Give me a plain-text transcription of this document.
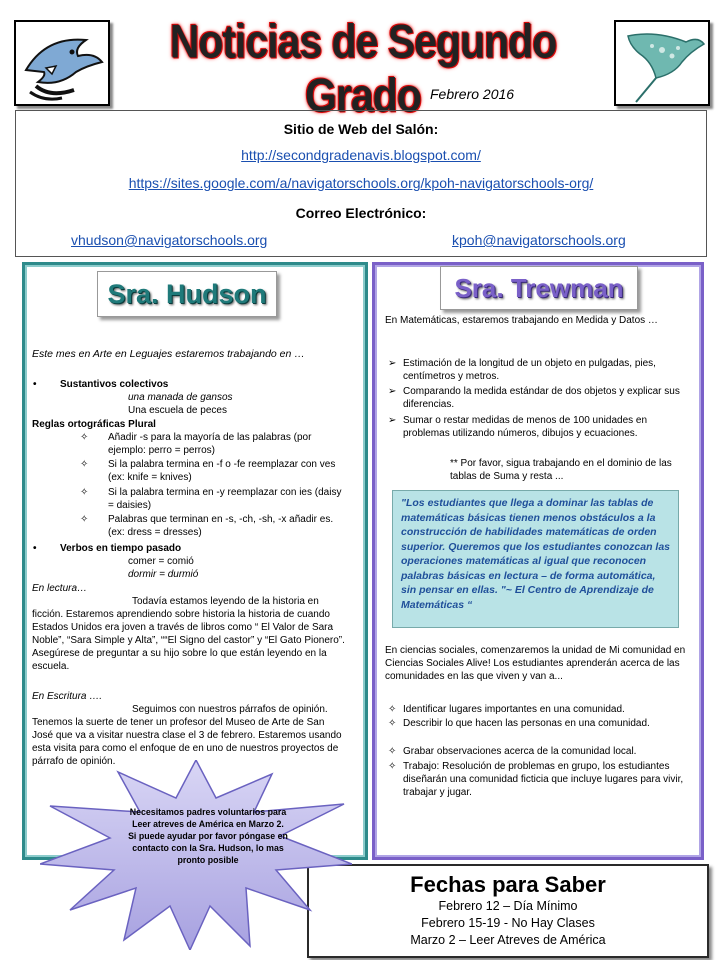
Noticias de Segundo Grado Febrero 2016
Sitio de Web del Salón:
http://secondgradenavis.blogspot.com/
https://sites.google.com/a/navigatorschools.org/kpoh-navigatorschools-org/
Correo Electrónico:
vhudson@navigatorschools.org	kpoh@navigatorschools.org
Sra. Hudson
Este mes en Arte en Leguajes estaremos trabajando en …
• Sustantivos colectivos
una manada de gansos
Una escuela de peces
Reglas ortográficas Plural
✧ Añadir -s para la mayoría de las palabras (por ejemplo: perro = perros)
✧ Si la palabra termina en -f o -fe reemplazar con ves (ex: knife = knives)
✧ Si la palabra termina en -y reemplazar con ies (daisy = daisies)
✧ Palabras que terminan en -s, -ch, -sh, -x añadir es. (ex: dress = dresses)
• Verbos en tiempo pasado
comer = comió
dormir = durmió
En lectura…
Todavía estamos leyendo de la historia en ficción. Estaremos aprendiendo sobre historia la historia de cuando Estados Unidos era joven a través de libros como “ El Valor de Sara Noble”, “Sara Simple y Alta”, ““El Signo del castor” y “El Gato Pionero”. Asegúrese de preguntar a su hijo sobre lo que están leyendo en la escuela.
En Escritura ….
Seguimos con nuestros párrafos de opinión. Tenemos la suerte de tener un profesor del Museo de Arte de San José que va a visitar nuestra clase el 3 de febrero. Estaremos usando esta visita para como el enfoque de en uno de nuestros proyectos de párrafo de opinión.
Sra. Trewman
En Matemáticas, estaremos trabajando en Medida y Datos …
➢ Estimación de la longitud de un objeto en pulgadas, pies, centímetros y metros.
➢ Comparando la medida estándar de dos objetos y explicar sus diferencias.
➢ Sumar o restar medidas de menos de 100 unidades en problemas utilizando números, dibujos y ecuaciones.
** Por favor, sigua trabajando en el dominio de las tablas de Suma y resta ...
"Los estudiantes que llega a dominar las tablas de matemáticas básicas tienen menos obstáculos a la construcción de habilidades matemáticas de orden superior. Queremos que los estudiantes conozcan las operaciones matemáticas al igual que reconocen palabras básicas en lectura – de forma automática, sin pensar en ellas. "~ El Centro de Aprendizaje de Matemáticas “
En ciencias sociales, comenzaremos la unidad de Mi comunidad en Ciencias Sociales Alive! Los estudiantes aprenderán acerca de las comunidades en las que viven y van a...
✧ Identificar lugares importantes en una comunidad.
✧ Describir lo que hacen las personas en una comunidad.
✧ Grabar observaciones acerca de la comunidad local.
✧ Trabajo: Resolución de problemas en grupo, los estudiantes diseñarán una comunidad ficticia que incluye lugares para vivir, trabajar y jugar.
Fechas para Saber
Febrero 12 – Día Mínimo
Febrero 15-19 - No Hay Clases
Marzo 2 – Leer Atreves de América
Necesitamos padres voluntarios para Leer atreves de América en Marzo 2. Si puede ayudar por favor póngase en contacto con la Sra. Hudson, lo mas pronto posible
